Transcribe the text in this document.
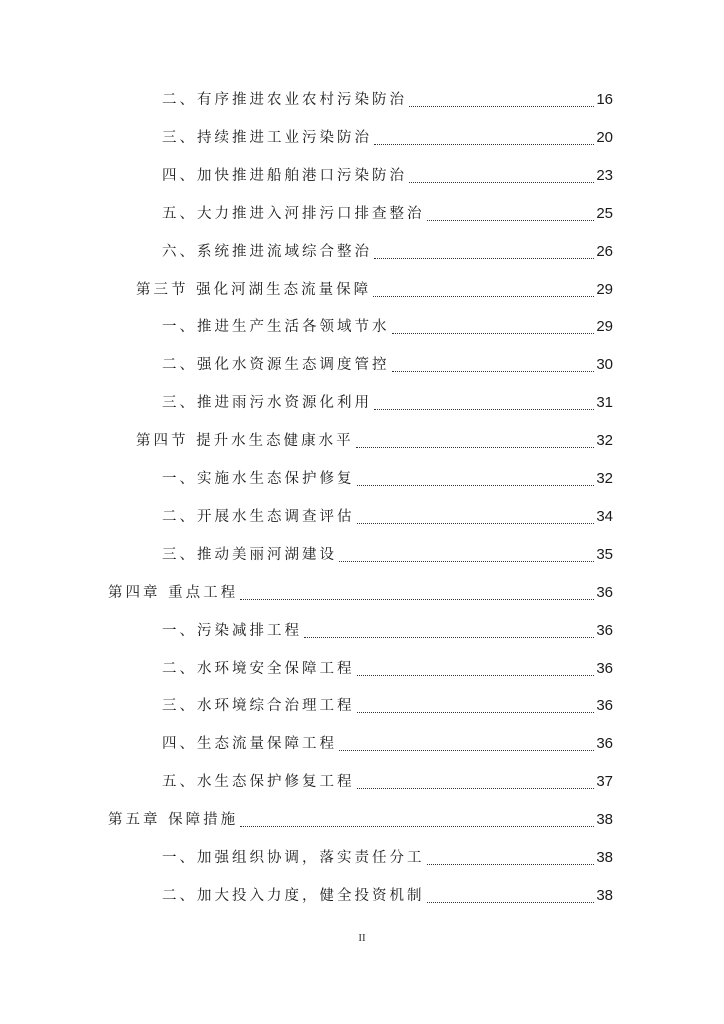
二、有序推进农业农村污染防治	16
三、持续推进工业污染防治	20
四、加快推进船舶港口污染防治	23
五、大力推进入河排污口排查整治	25
六、系统推进流域综合整治	26
第三节 强化河湖生态流量保障	29
一、推进生产生活各领域节水	29
二、强化水资源生态调度管控	30
三、推进雨污水资源化利用	31
第四节 提升水生态健康水平	32
一、实施水生态保护修复	32
二、开展水生态调查评估	34
三、推动美丽河湖建设	35
第四章 重点工程	36
一、污染减排工程	36
二、水环境安全保障工程	36
三、水环境综合治理工程	36
四、生态流量保障工程	36
五、水生态保护修复工程	37
第五章 保障措施	38
一、加强组织协调，落实责任分工	38
二、加大投入力度，健全投资机制	38
II
